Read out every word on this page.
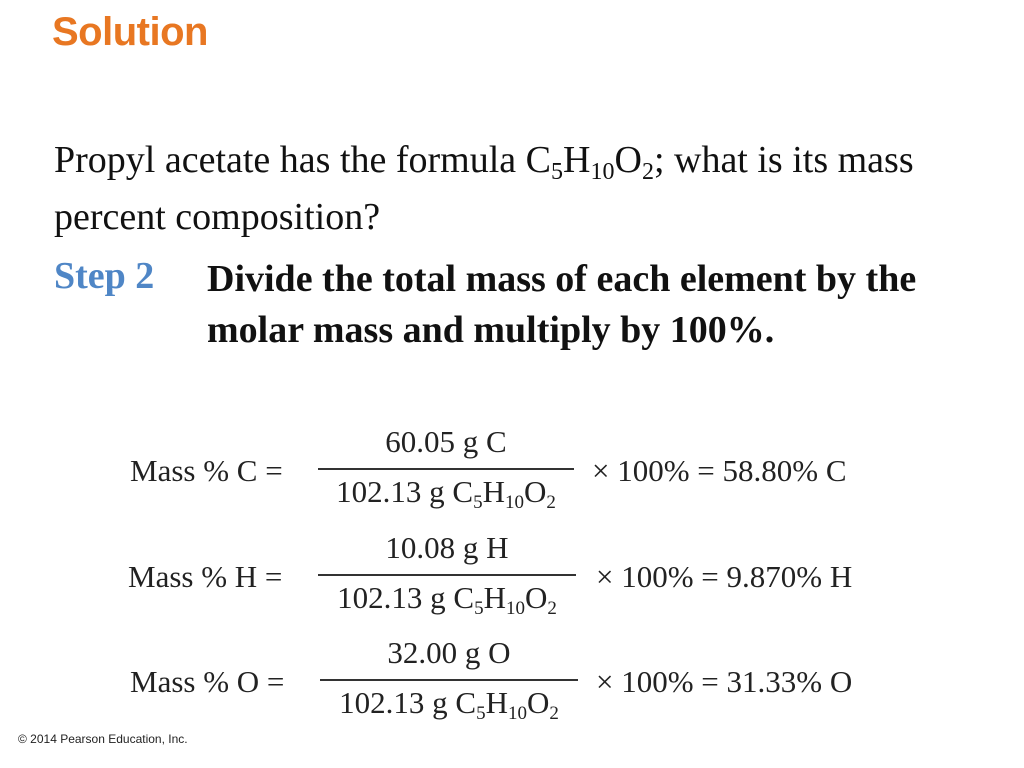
Solution
Propyl acetate has the formula $C_5H_{10}O_2$; what is its mass percent composition?
Step 2 Divide the total mass of each element by the molar mass and multiply by 100%.
Mass % C =
60.05 g C
102.13 g $C_5H_{10}O_2$
× 100% = 58.80% C
Mass % H =
10.08 g H
102.13 g $C_5H_{10}O_2$
× 100% = 9.870% H
Mass % O =
32.00 g O
102.13 g $C_5H_{10}O_2$
× 100% = 31.33% O
© 2014 Pearson Education, Inc.
